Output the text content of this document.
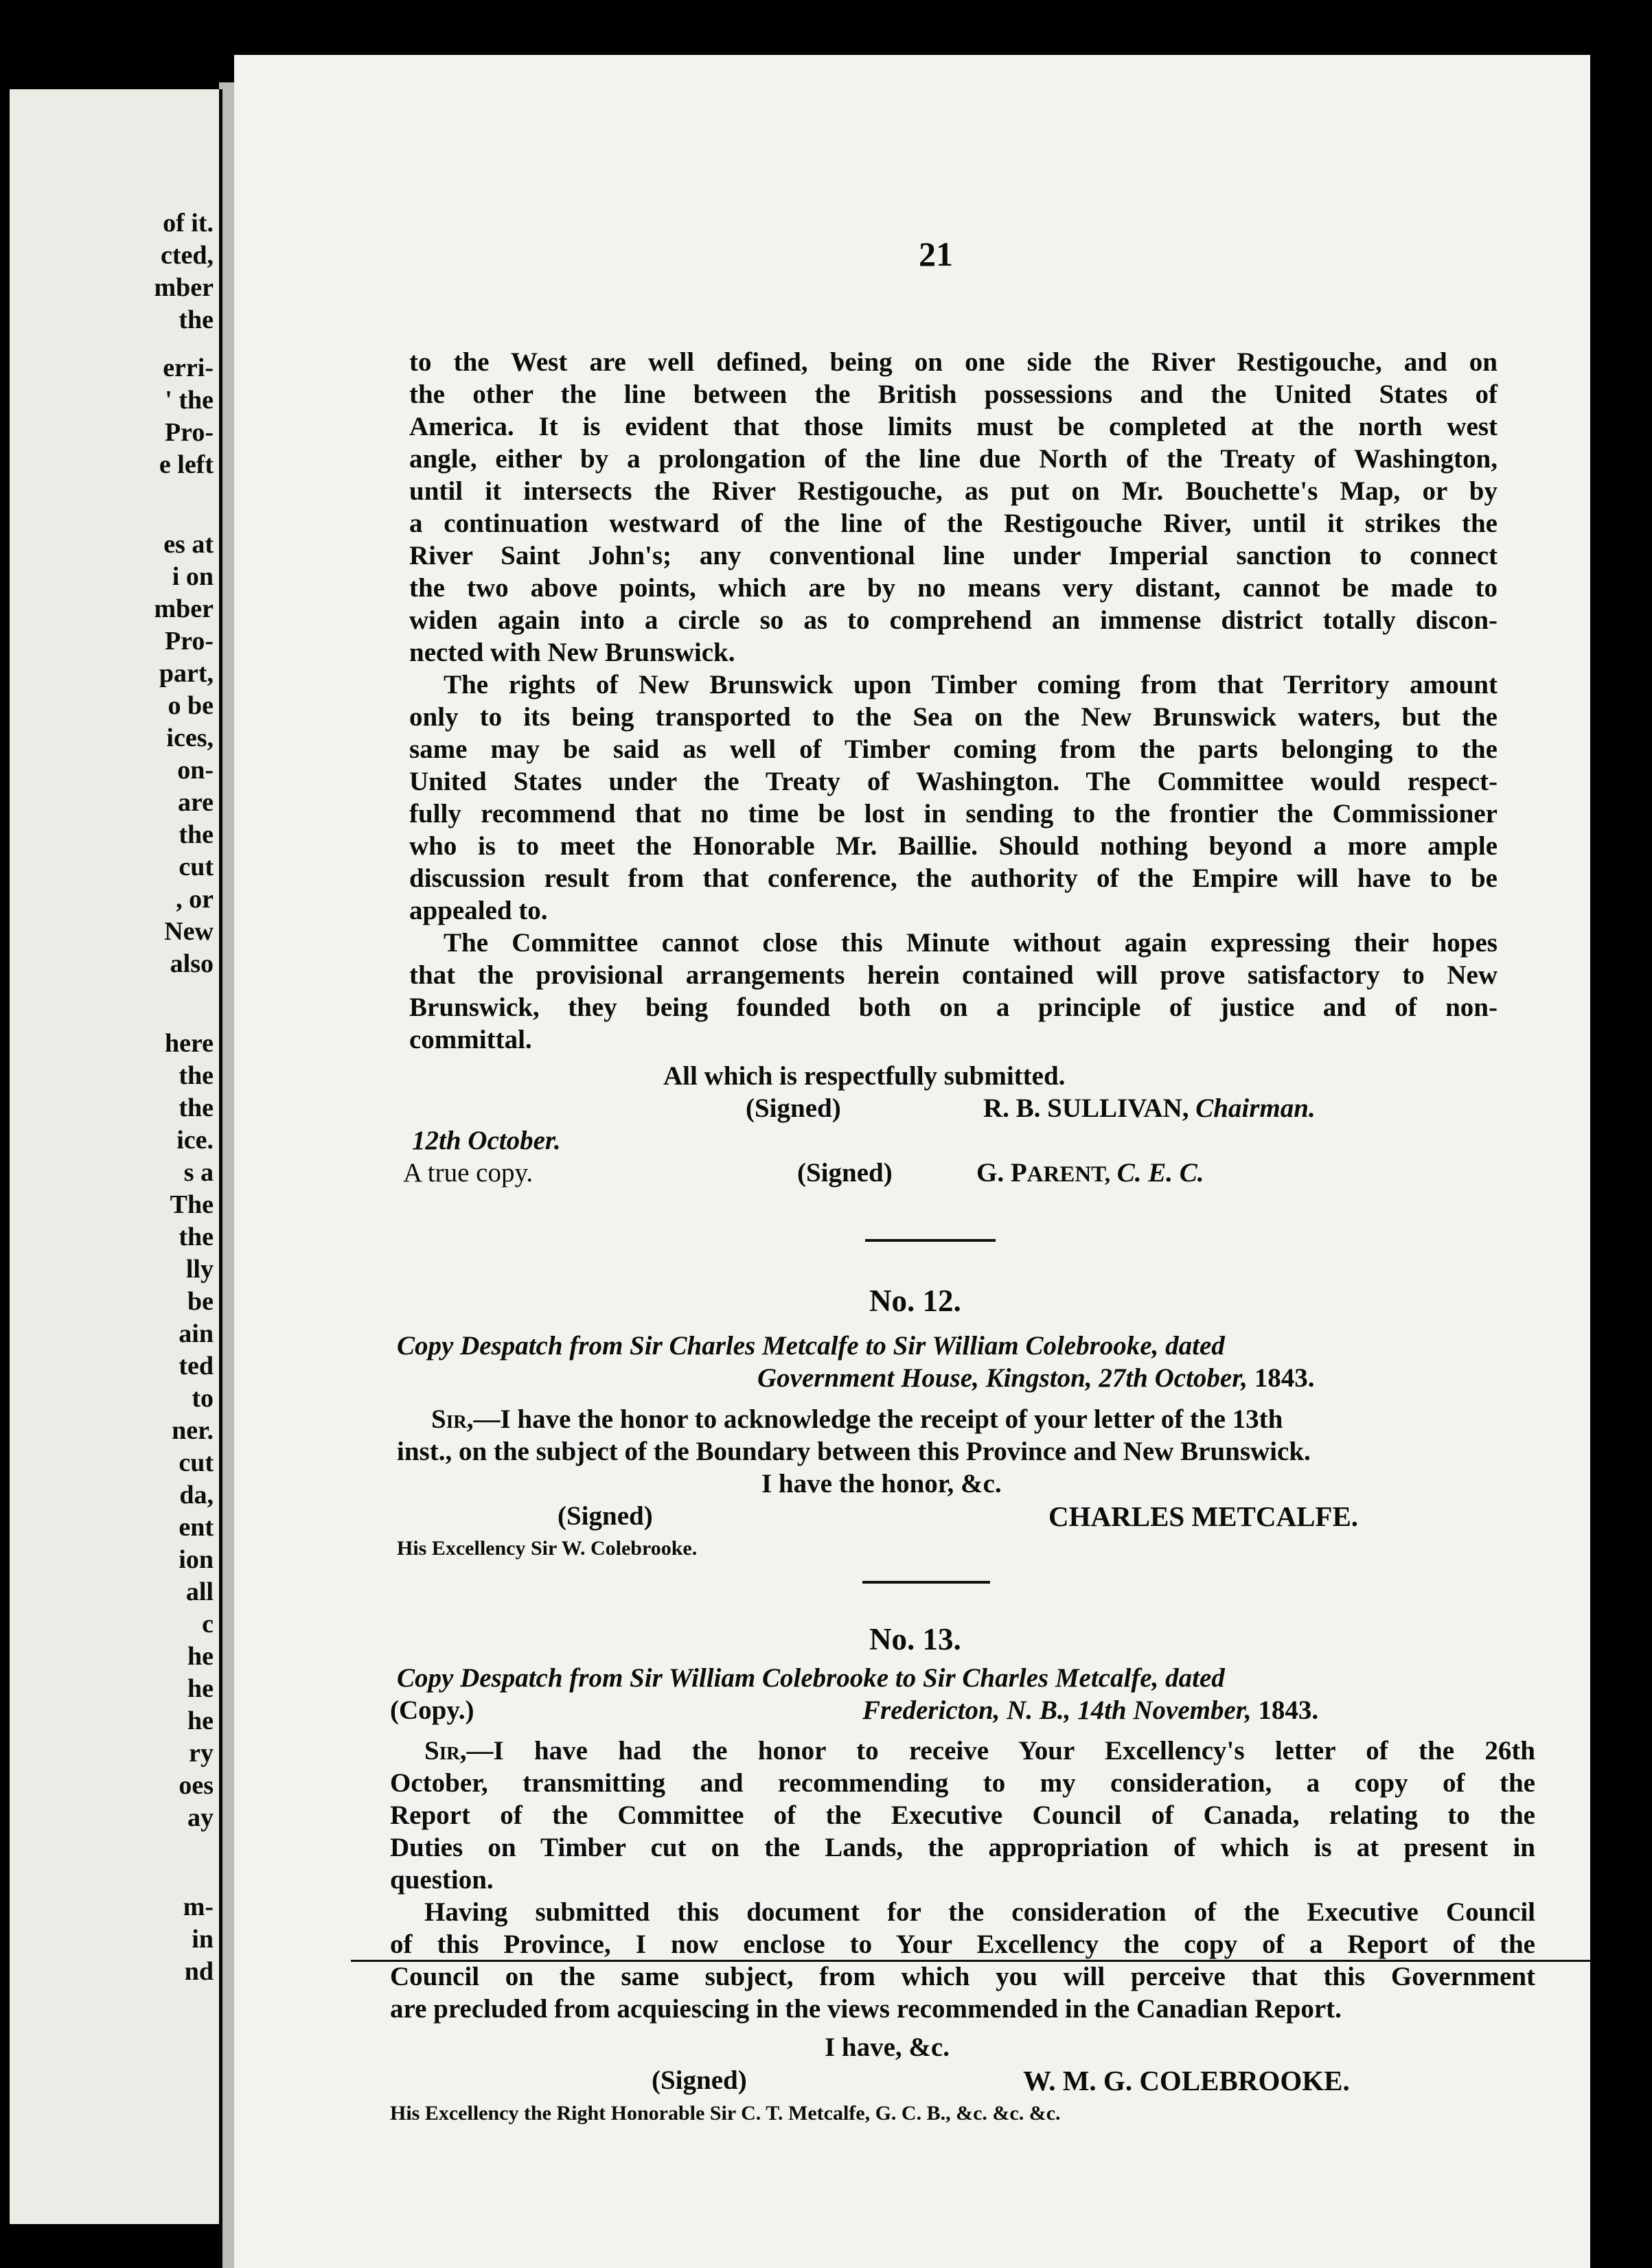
of it.
cted,
mber
the
erri-
' the
Pro-
e left
es at
i on
mber
Pro-
part,
o be
ices,
on-
are
the
cut
, or
New
also
here
the
the
ice.
s a
The
the
lly
be
ain
ted
to
ner.
cut
da,
ent
ion
all
c
he
he
he
ry
oes
ay
m-
in
nd
21
to the West are well defined, being on one side the River Restigouche, and on
the other the line between the British possessions and the United States of
America. It is evident that those limits must be completed at the north west
angle, either by a prolongation of the line due North of the Treaty of Washington,
until it intersects the River Restigouche, as put on Mr. Bouchette's Map, or by
a continuation westward of the line of the Restigouche River, until it strikes the
River Saint John's; any conventional line under Imperial sanction to connect
the two above points, which are by no means very distant, cannot be made to
widen again into a circle so as to comprehend an immense district totally discon-
nected with New Brunswick.
The rights of New Brunswick upon Timber coming from that Territory amount
only to its being transported to the Sea on the New Brunswick waters, but the
same may be said as well of Timber coming from the parts belonging to the
United States under the Treaty of Washington. The Committee would respect-
fully recommend that no time be lost in sending to the frontier the Commissioner
who is to meet the Honorable Mr. Baillie. Should nothing beyond a more ample
discussion result from that conference, the authority of the Empire will have to be
appealed to.
The Committee cannot close this Minute without again expressing their hopes
that the provisional arrangements herein contained will prove satisfactory to New
Brunswick, they being founded both on a principle of justice and of non-
committal.
All which is respectfully submitted.
(Signed)	R. B. SULLIVAN, Chairman.
12th October.
A true copy.	(Signed)	G. PARENT, C. E. C.
No. 12.
Copy Despatch from Sir Charles Metcalfe to Sir William Colebrooke, dated
Government House, Kingston, 27th October, 1843.
Sir,—I have the honor to acknowledge the receipt of your letter of the 13th
inst., on the subject of the Boundary between this Province and New Brunswick.
I have the honor, &c.
(Signed)	CHARLES METCALFE.
His Excellency Sir W. Colebrooke.
No. 13.
Copy Despatch from Sir William Colebrooke to Sir Charles Metcalfe, dated
(Copy.)	Fredericton, N. B., 14th November, 1843.
Sir,—I have had the honor to receive Your Excellency's letter of the 26th
October, transmitting and recommending to my consideration, a copy of the
Report of the Committee of the Executive Council of Canada, relating to the
Duties on Timber cut on the Lands, the appropriation of which is at present in
question.
Having submitted this document for the consideration of the Executive Council
of this Province, I now enclose to Your Excellency the copy of a Report of the
Council on the same subject, from which you will perceive that this Government
are precluded from acquiescing in the views recommended in the Canadian Report.
I have, &c.
(Signed)	W. M. G. COLEBROOKE.
His Excellency the Right Honorable Sir C. T. Metcalfe, G. C. B., &c. &c. &c.
